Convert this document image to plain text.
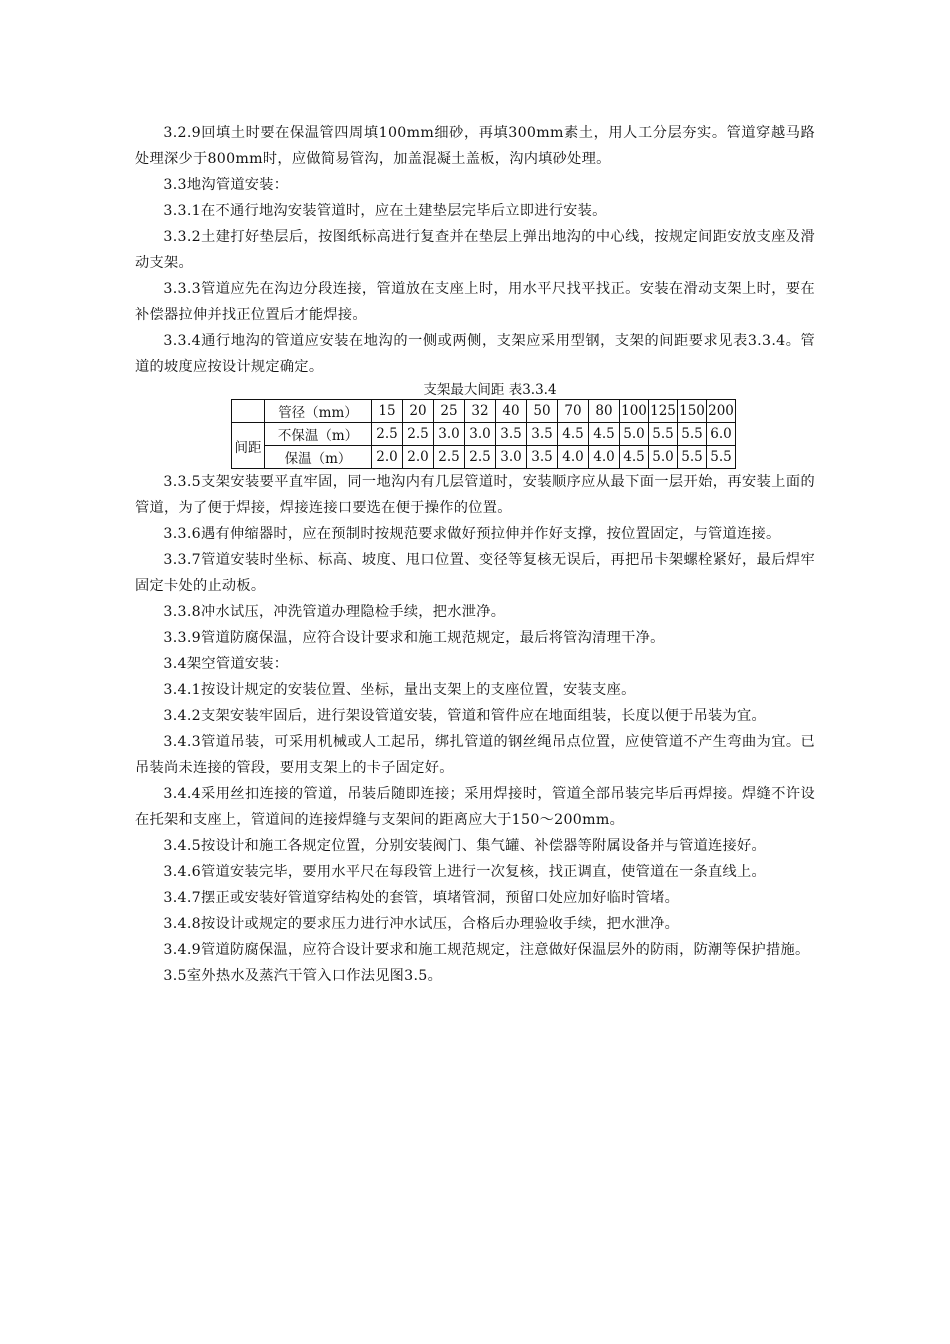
3.2.9回填土时要在保温管四周填100mm细砂，再填300mm素土，用人工分层夯实。管道穿越马路处理深少于800mm时，应做简易管沟，加盖混凝土盖板，沟内填砂处理。

3.3地沟管道安装：

3.3.1在不通行地沟安装管道时，应在土建垫层完毕后立即进行安装。

3.3.2土建打好垫层后，按图纸标高进行复查并在垫层上弹出地沟的中心线，按规定间距安放支座及滑动支架。

3.3.3管道应先在沟边分段连接，管道放在支座上时，用水平尺找平找正。安装在滑动支架上时，要在补偿器拉伸并找正位置后才能焊接。

3.3.4通行地沟的管道应安装在地沟的一侧或两侧，支架应采用型钢，支架的间距要求见表3.3.4。管道的坡度应按设计规定确定。

支架最大间距 表3.3.4
	管径（mm）	15	20	25	32	40	50	70	80	100	125	150	200
间距	不保温（m）	2.5	2.5	3.0	3.0	3.5	3.5	4.5	4.5	5.0	5.5	5.5	6.0
	保温（m）	2.0	2.0	2.5	2.5	3.0	3.5	4.0	4.0	4.5	5.0	5.5	5.5

3.3.5支架安装要平直牢固，同一地沟内有几层管道时，安装顺序应从最下面一层开始，再安装上面的管道，为了便于焊接，焊接连接口要选在便于操作的位置。

3.3.6遇有伸缩器时，应在预制时按规范要求做好预拉伸并作好支撑，按位置固定，与管道连接。

3.3.7管道安装时坐标、标高、坡度、甩口位置、变径等复核无误后，再把吊卡架螺栓紧好，最后焊牢固定卡处的止动板。

3.3.8冲水试压，冲洗管道办理隐检手续，把水泄净。

3.3.9管道防腐保温，应符合设计要求和施工规范规定，最后将管沟清理干净。

3.4架空管道安装：

3.4.1按设计规定的安装位置、坐标，量出支架上的支座位置，安装支座。

3.4.2支架安装牢固后，进行架设管道安装，管道和管件应在地面组装，长度以便于吊装为宜。

3.4.3管道吊装，可采用机械或人工起吊，绑扎管道的钢丝绳吊点位置，应使管道不产生弯曲为宜。已吊装尚未连接的管段，要用支架上的卡子固定好。

3.4.4采用丝扣连接的管道，吊装后随即连接；采用焊接时，管道全部吊装完毕后再焊接。焊缝不许设在托架和支座上，管道间的连接焊缝与支架间的距离应大于150～200mm。

3.4.5按设计和施工各规定位置，分别安装阀门、集气罐、补偿器等附属设备并与管道连接好。

3.4.6管道安装完毕，要用水平尺在每段管上进行一次复核，找正调直，使管道在一条直线上。

3.4.7摆正或安装好管道穿结构处的套管，填堵管洞，预留口处应加好临时管堵。

3.4.8按设计或规定的要求压力进行冲水试压，合格后办理验收手续，把水泄净。

3.4.9管道防腐保温，应符合设计要求和施工规范规定，注意做好保温层外的防雨，防潮等保护措施。

3.5室外热水及蒸汽干管入口作法见图3.5。
